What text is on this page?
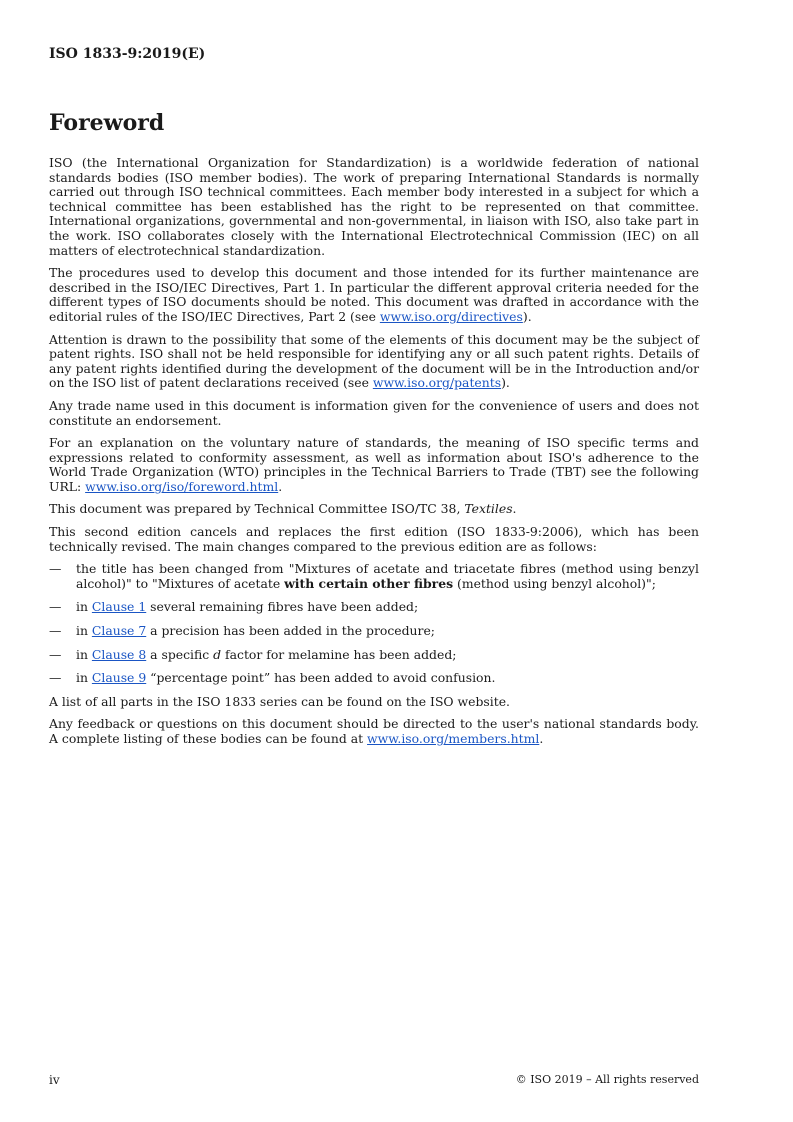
ISO 1833-9:2019(E)
Foreword

ISO (the International Organization for Standardization) is a worldwide federation of national standards bodies (ISO member bodies). The work of preparing International Standards is normally carried out through ISO technical committees. Each member body interested in a subject for which a technical committee has been established has the right to be represented on that committee. International organizations, governmental and non-governmental, in liaison with ISO, also take part in the work. ISO collaborates closely with the International Electrotechnical Commission (IEC) on all matters of electrotechnical standardization.

The procedures used to develop this document and those intended for its further maintenance are described in the ISO/IEC Directives, Part 1. In particular the different approval criteria needed for the different types of ISO documents should be noted. This document was drafted in accordance with the editorial rules of the ISO/IEC Directives, Part 2 (see www.iso.org/directives).

Attention is drawn to the possibility that some of the elements of this document may be the subject of patent rights. ISO shall not be held responsible for identifying any or all such patent rights. Details of any patent rights identified during the development of the document will be in the Introduction and/or on the ISO list of patent declarations received (see www.iso.org/patents).

Any trade name used in this document is information given for the convenience of users and does not constitute an endorsement.

For an explanation on the voluntary nature of standards, the meaning of ISO specific terms and expressions related to conformity assessment, as well as information about ISO's adherence to the World Trade Organization (WTO) principles in the Technical Barriers to Trade (TBT) see the following URL: www.iso.org/iso/foreword.html.

This document was prepared by Technical Committee ISO/TC 38, Textiles.

This second edition cancels and replaces the first edition (ISO 1833-9:2006), which has been technically revised. The main changes compared to the previous edition are as follows:

—	the title has been changed from "Mixtures of acetate and triacetate fibres (method using benzyl alcohol)" to "Mixtures of acetate with certain other fibres (method using benzyl alcohol)";
—	in Clause 1 several remaining fibres have been added;
—	in Clause 7 a precision has been added in the procedure;
—	in Clause 8 a specific d factor for melamine has been added;
—	in Clause 9 “percentage point” has been added to avoid confusion.

A list of all parts in the ISO 1833 series can be found on the ISO website.

Any feedback or questions on this document should be directed to the user's national standards body. A complete listing of these bodies can be found at www.iso.org/members.html.

iv	© ISO 2019 – All rights reserved
